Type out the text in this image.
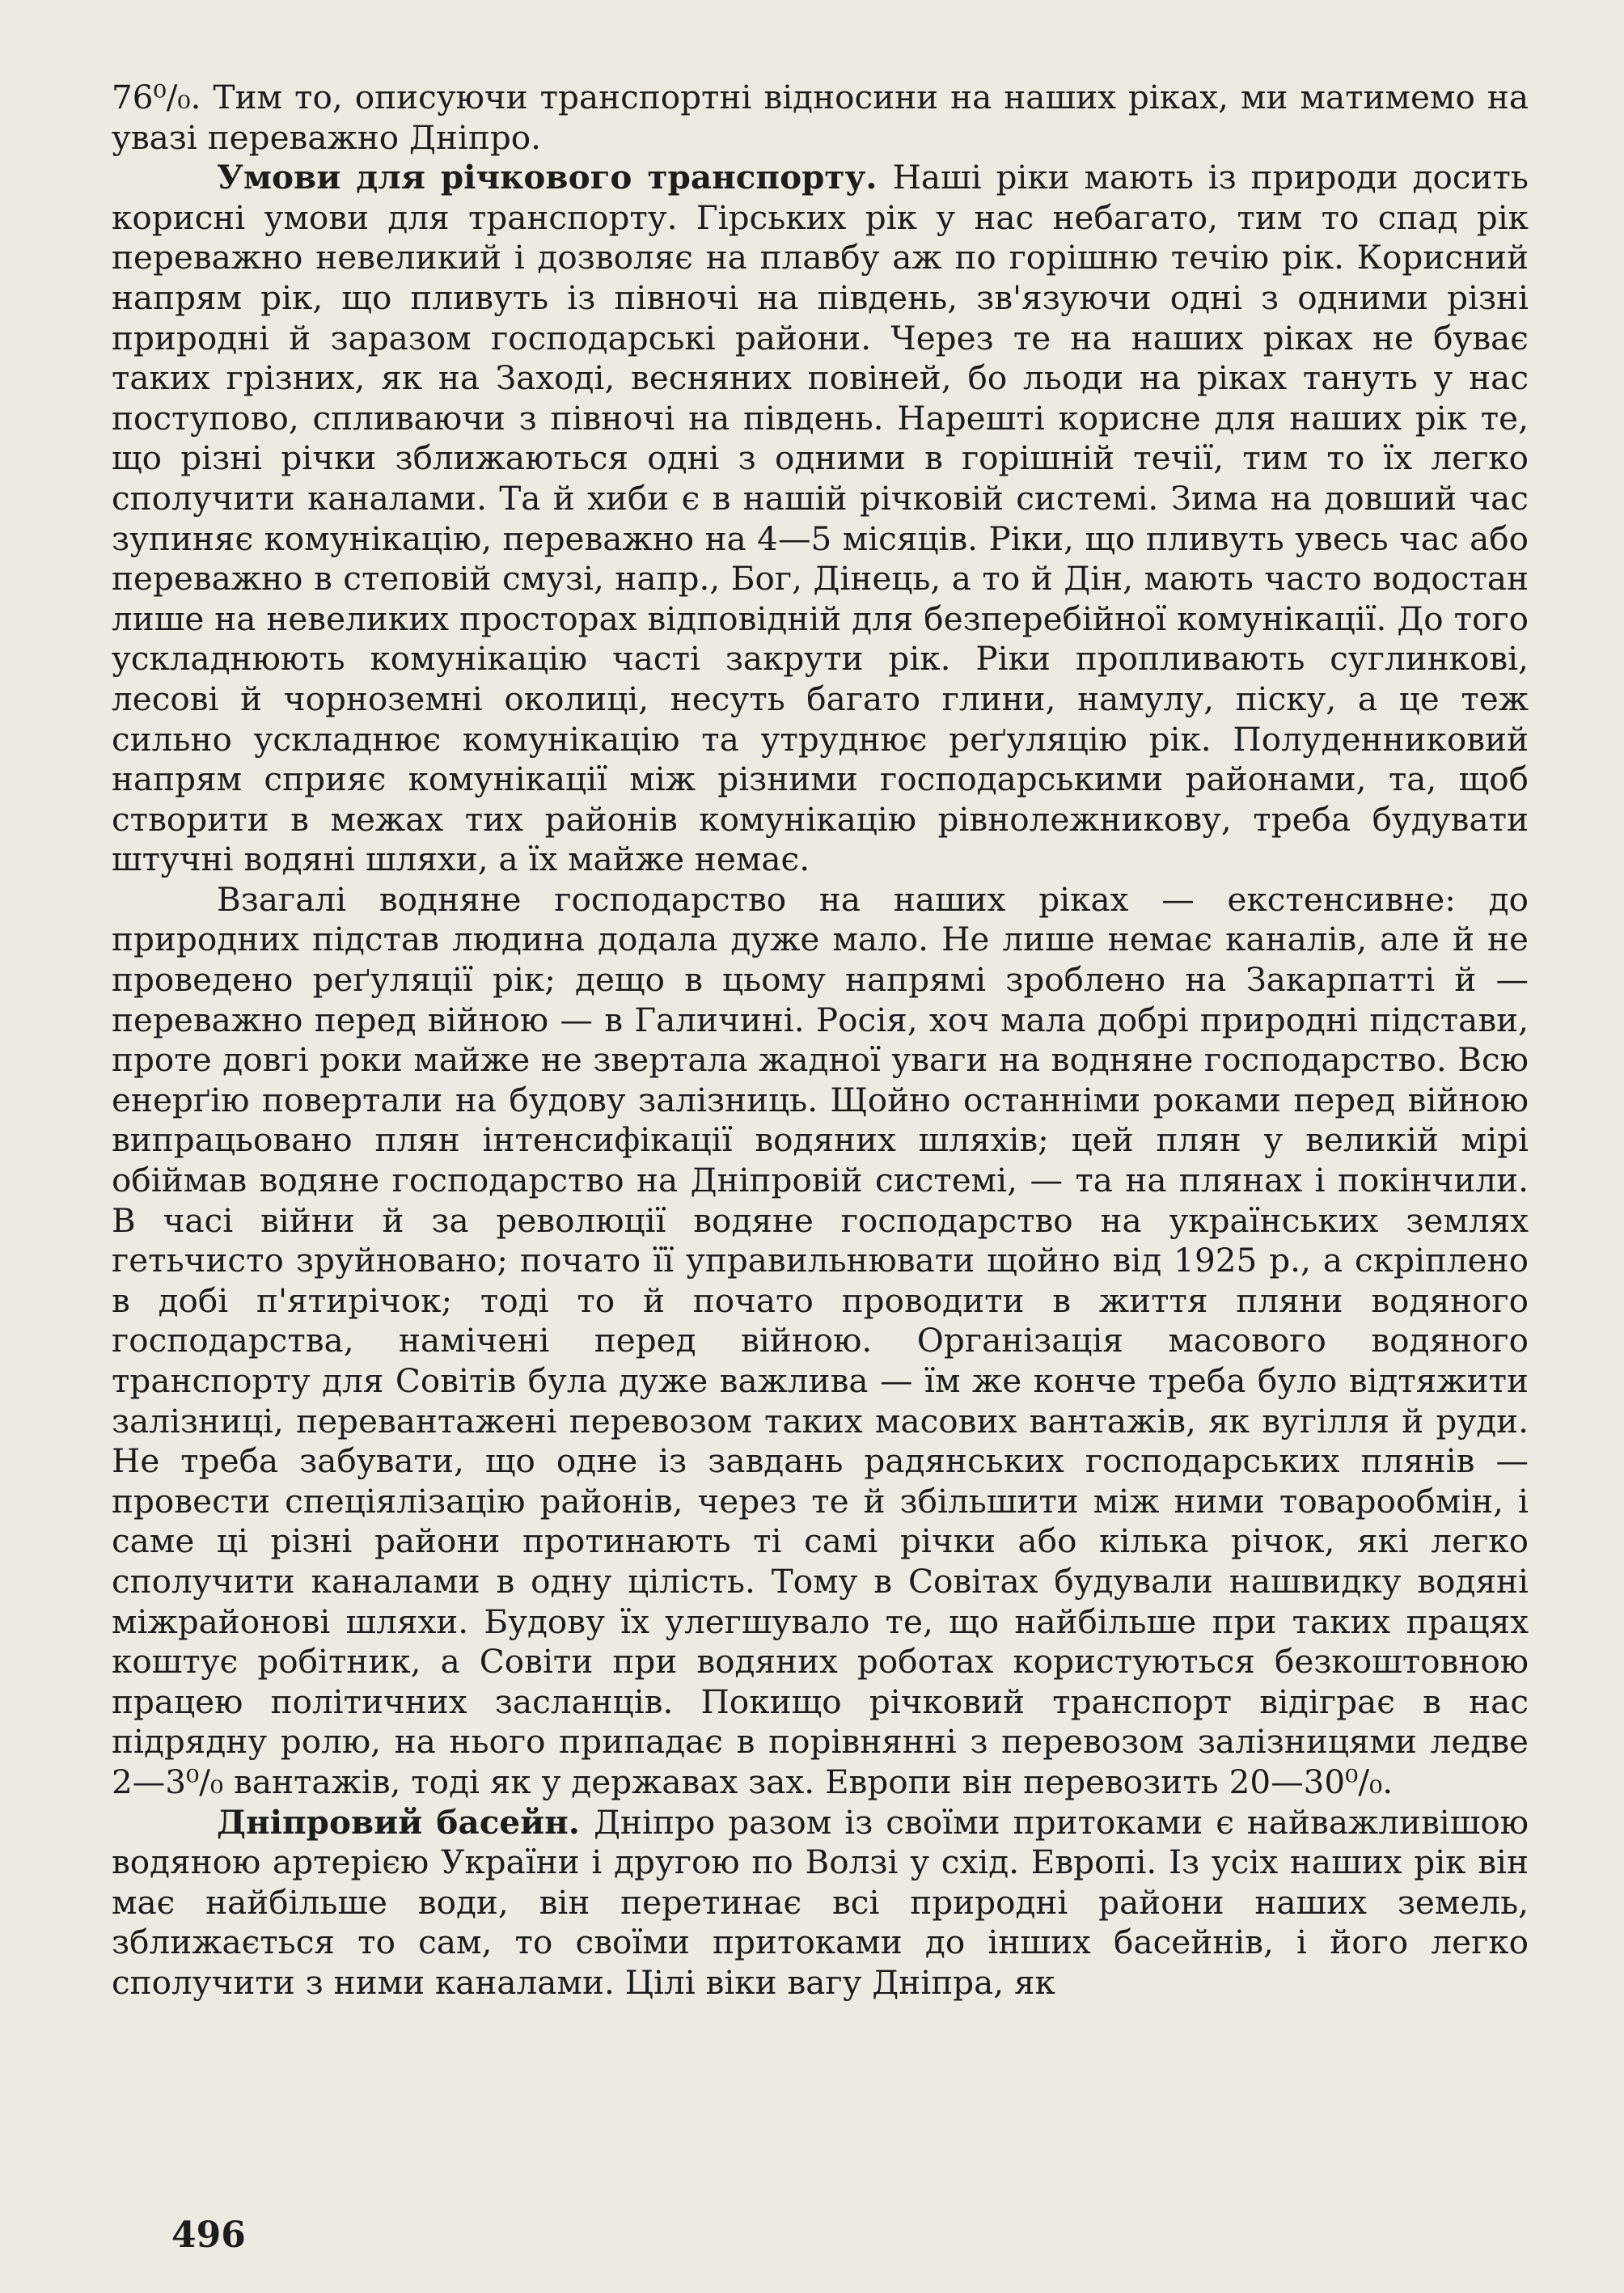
76⁰/₀. Тим то, описуючи транспортні відносини на наших ріках, ми матимемо на увазі переважно Дніпро.

Умови для річкового транспорту. Наші ріки мають із природи досить корисні умови для транспорту. Гірських рік у нас небагато, тим то спад рік переважно невеликий і дозволяє на плавбу аж по горішню течію рік. Корисний напрям рік, що пливуть із півночі на південь, зв'язуючи одні з одними різні природні й заразом господарські райони. Через те на наших ріках не буває таких грізних, як на Заході, весняних повіней, бо льоди на ріках тануть у нас поступово, спливаючи з півночі на південь. Нарешті корисне для наших рік те, що різні річки зближаються одні з одними в горішній течії, тим то їх легко сполучити каналами. Та й хиби є в нашій річковій системі. Зима на довший час зупиняє комунікацію, переважно на 4—5 місяців. Ріки, що пливуть увесь час або переважно в степовій смузі, напр., Бог, Дінець, а то й Дін, мають часто водостан лише на невеликих просторах відповідній для безперебійної комунікації. До того ускладнюють комунікацію часті закрути рік. Ріки пропливають суглинкові, лесові й чорноземні околиці, несуть багато глини, намулу, піску, а це теж сильно ускладнює комунікацію та утруднює реґуляцію рік. Полуденниковий напрям сприяє комунікації між різними господарськими районами, та, щоб створити в межах тих районів комунікацію рівнолежникову, треба будувати штучні водяні шляхи, а їх майже немає.

Взагалі водняне господарство на наших ріках — екстенсивне: до природних підстав людина додала дуже мало. Не лише немає каналів, але й не проведено реґуляції рік; дещо в цьому напрямі зроблено на Закарпатті й — переважно перед війною — в Галичині. Росія, хоч мала добрі природні підстави, проте довгі роки майже не звертала жадної уваги на водняне господарство. Всю енерґію повертали на будову залізниць. Щойно останніми роками перед війною випрацьовано плян інтенсифікації водяних шляхів; цей плян у великій мірі обіймав водяне господарство на Дніпровій системі, — та на плянах і покінчили. В часі війни й за революції водяне господарство на українських землях гетьчисто зруйновано; почато її управильнювати щойно від 1925 р., а скріплено в добі п'ятирічок; тоді то й почато проводити в життя пляни водяного господарства, намічені перед війною. Організація масового водяного транспорту для Совітів була дуже важлива — їм же конче треба було відтяжити залізниці, перевантажені перевозом таких масових вантажів, як вугілля й руди. Не треба забувати, що одне із завдань радянських господарських плянів — провести спеціялізацію районів, через те й збільшити між ними товарообмін, і саме ці різні райони протинають ті самі річки або кілька річок, які легко сполучити каналами в одну цілість. Тому в Совітах будували нашвидку водяні міжрайонові шляхи. Будову їх улегшувало те, що найбільше при таких працях коштує робітник, а Совіти при водяних роботах користуються безкоштовною працею політичних засланців. Покищо річковий транспорт відіграє в нас підрядну ролю, на нього припадає в порівнянні з перевозом залізницями ледве 2—3⁰/₀ вантажів, тоді як у державах зах. Европи він перевозить 20—30⁰/₀.

Дніпровий басейн. Дніпро разом із своїми притоками є найважливішою водяною артерією України і другою по Волзі у схід. Европі. Із усіх наших рік він має найбільше води, він перетинає всі природні райони наших земель, зближається то сам, то своїми притоками до інших басейнів, і його легко сполучити з ними каналами. Цілі віки вагу Дніпра, як

496
